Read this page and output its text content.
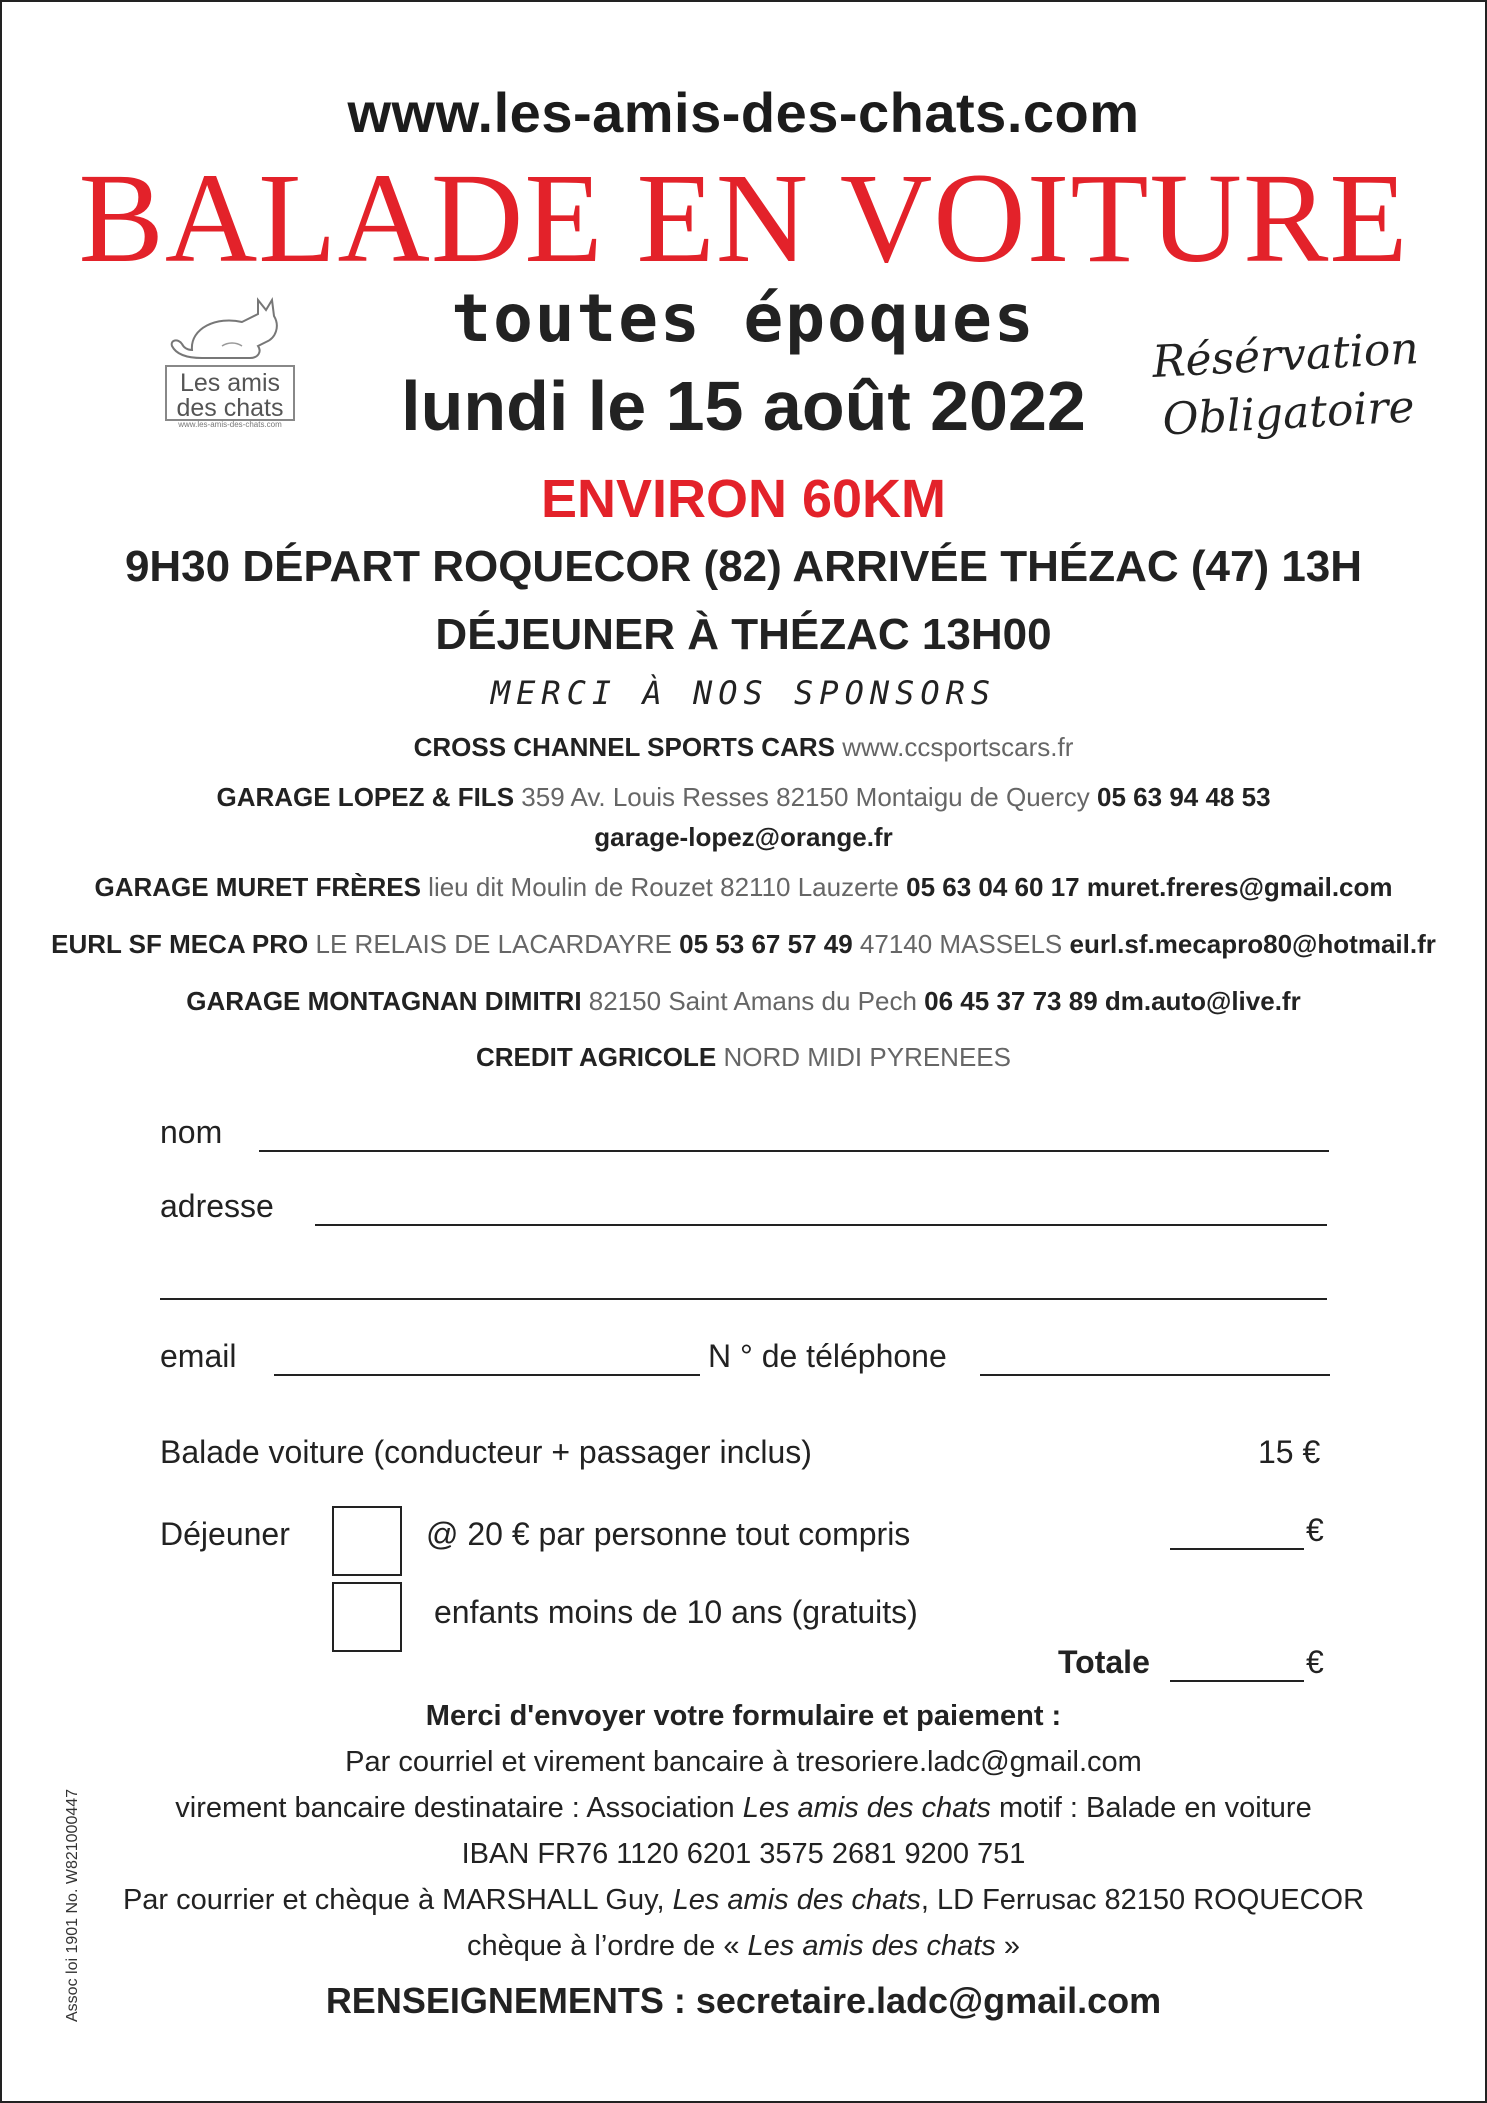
www.les-amis-des-chats.com
BALADE EN VOITURE
Les amis
des chats
www.les-amis-des-chats.com
toutes époques
lundi le 15 août 2022
Résérvation
Obligatoire
ENVIRON 60KM
9H30 DÉPART ROQUECOR (82) ARRIVÉE THÉZAC (47) 13H
DÉJEUNER À THÉZAC 13H00
MERCI À NOS SPONSORS
CROSS CHANNEL SPORTS CARS www.ccsportscars.fr
GARAGE LOPEZ & FILS 359 Av. Louis Resses 82150 Montaigu de Quercy 05 63 94 48 53
garage-lopez@orange.fr
GARAGE MURET FRÈRES lieu dit Moulin de Rouzet 82110 Lauzerte 05 63 04 60 17 muret.freres@gmail.com
EURL SF MECA PRO LE RELAIS DE LACARDAYRE 05 53 67 57 49 47140 MASSELS eurl.sf.mecapro80@hotmail.fr
GARAGE MONTAGNAN DIMITRI 82150 Saint Amans du Pech 06 45 37 73 89 dm.auto@live.fr
CREDIT AGRICOLE NORD MIDI PYRENEES
nom
adresse
email	N ° de téléphone
Balade voiture (conducteur + passager inclus)	15 €
Déjeuner	@ 20 € par personne tout compris	€
enfants moins de 10 ans (gratuits)
Totale	€
Merci d'envoyer votre formulaire et paiement :
Par courriel et virement bancaire à tresoriere.ladc@gmail.com
virement bancaire destinataire : Association Les amis des chats motif : Balade en voiture
IBAN FR76 1120 6201 3575 2681 9200 751
Par courrier et chèque à MARSHALL Guy, Les amis des chats, LD Ferrusac 82150 ROQUECOR
chèque à l’ordre de « Les amis des chats »
RENSEIGNEMENTS : secretaire.ladc@gmail.com
Assoc loi 1901 No. W821000447
